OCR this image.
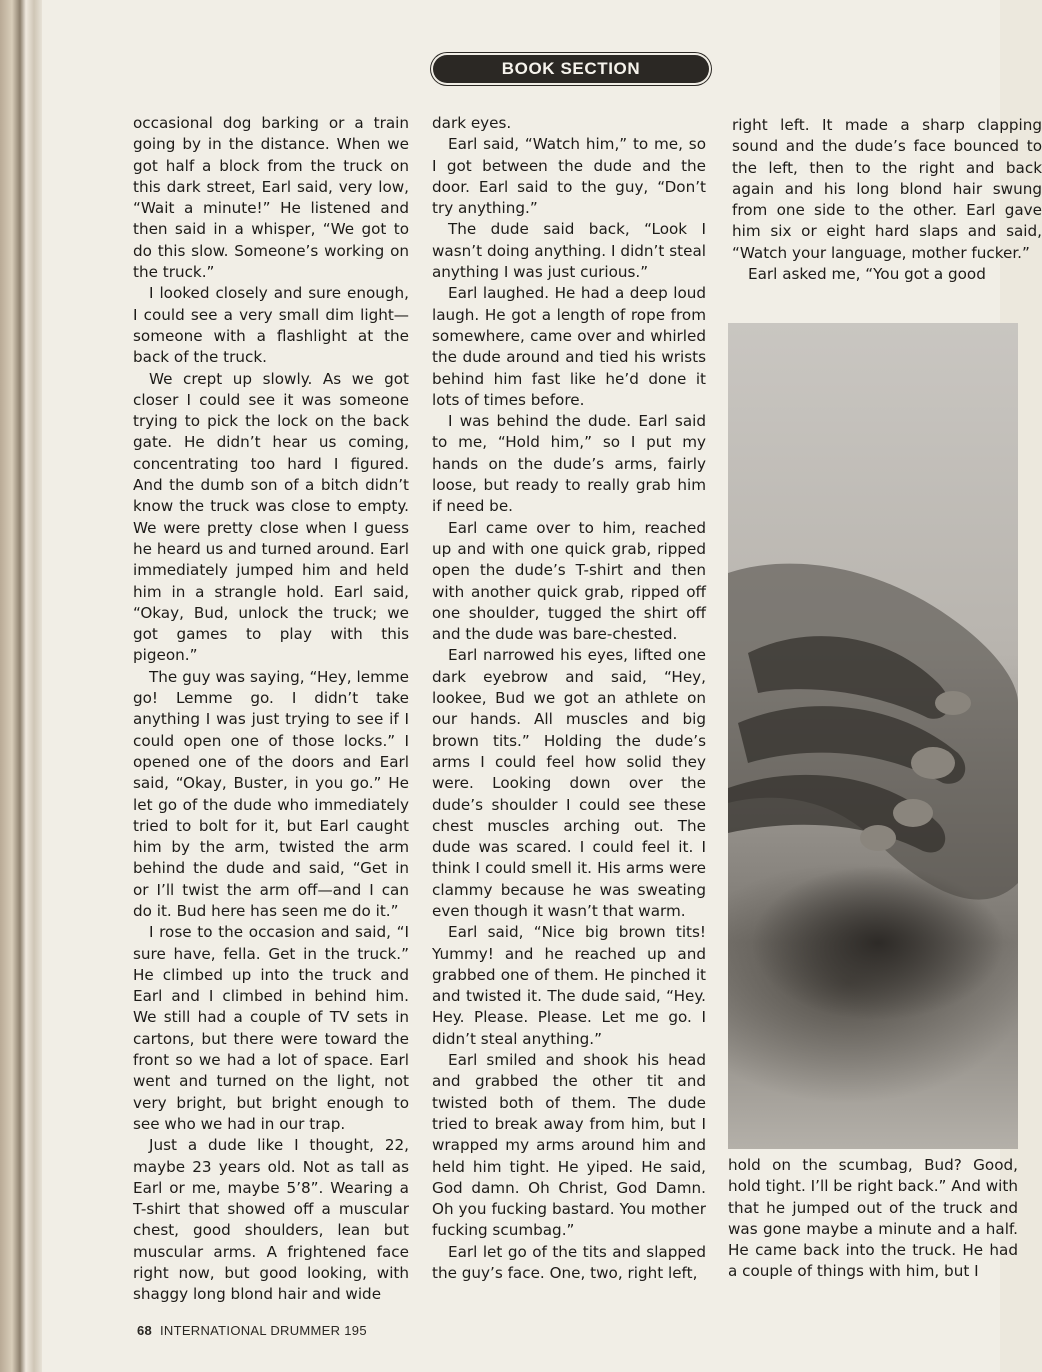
BOOK SECTION

occasional dog barking or a train going by in the distance. When we got half a block from the truck on this dark street, Earl said, very low, “Wait a minute!” He listened and then said in a whisper, “We got to do this slow. Someone’s working on the truck.”

I looked closely and sure enough, I could see a very small dim light—someone with a flashlight at the back of the truck.

We crept up slowly. As we got closer I could see it was someone trying to pick the lock on the back gate. He didn’t hear us coming, concentrating too hard I figured. And the dumb son of a bitch didn’t know the truck was close to empty. We were pretty close when I guess he heard us and turned around. Earl immediately jumped him and held him in a strangle hold. Earl said, “Okay, Bud, unlock the truck; we got games to play with this pigeon.”

The guy was saying, “Hey, lemme go! Lemme go. I didn’t take anything I was just trying to see if I could open one of those locks.” I opened one of the doors and Earl said, “Okay, Buster, in you go.” He let go of the dude who immediately tried to bolt for it, but Earl caught him by the arm, twisted the arm behind the dude and said, “Get in or I’ll twist the arm off—and I can do it. Bud here has seen me do it.”

I rose to the occasion and said, “I sure have, fella. Get in the truck.” He climbed up into the truck and Earl and I climbed in behind him. We still had a couple of TV sets in cartons, but there were toward the front so we had a lot of space. Earl went and turned on the light, not very bright, but bright enough to see who we had in our trap.

Just a dude like I thought, 22, maybe 23 years old. Not as tall as Earl or me, maybe 5’8”. Wearing a T-shirt that showed off a muscular chest, good shoulders, lean but muscular arms. A frightened face right now, but good looking, with shaggy long blond hair and wide

dark eyes.

Earl said, “Watch him,” to me, so I got between the dude and the door. Earl said to the guy, “Don’t try anything.”

The dude said back, “Look I wasn’t doing anything. I didn’t steal anything I was just curious.”

Earl laughed. He had a deep loud laugh. He got a length of rope from somewhere, came over and whirled the dude around and tied his wrists behind him fast like he’d done it lots of times before.

I was behind the dude. Earl said to me, “Hold him,” so I put my hands on the dude’s arms, fairly loose, but ready to really grab him if need be.

Earl came over to him, reached up and with one quick grab, ripped open the dude’s T-shirt and then with another quick grab, ripped off one shoulder, tugged the shirt off and the dude was bare-chested.

Earl narrowed his eyes, lifted one dark eyebrow and said, “Hey, lookee, Bud we got an athlete on our hands. All muscles and big brown tits.” Holding the dude’s arms I could feel how solid they were. Looking down over the dude’s shoulder I could see these chest muscles arching out. The dude was scared. I could feel it. I think I could smell it. His arms were clammy because he was sweating even though it wasn’t that warm.

Earl said, “Nice big brown tits! Yummy! and he reached up and grabbed one of them. He pinched it and twisted it. The dude said, “Hey. Hey. Please. Please. Let me go. I didn’t steal anything.”

Earl smiled and shook his head and grabbed the other tit and twisted both of them. The dude tried to break away from him, but I wrapped my arms around him and held him tight. He yiped. He said, God damn. Oh Christ, God Damn. Oh you fucking bastard. You mother fucking scumbag.”

Earl let go of the tits and slapped the guy’s face. One, two, right left,

right left. It made a sharp clapping sound and the dude’s face bounced to the left, then to the right and back again and his long blond hair swung from one side to the other. Earl gave him six or eight hard slaps and said, “Watch your language, mother fucker.”

Earl asked me, “You got a good

hold on the scumbag, Bud? Good, hold tight. I’ll be right back.” And with that he jumped out of the truck and was gone maybe a minute and a half. He came back into the truck. He had a couple of things with him, but I

68 INTERNATIONAL DRUMMER 195
